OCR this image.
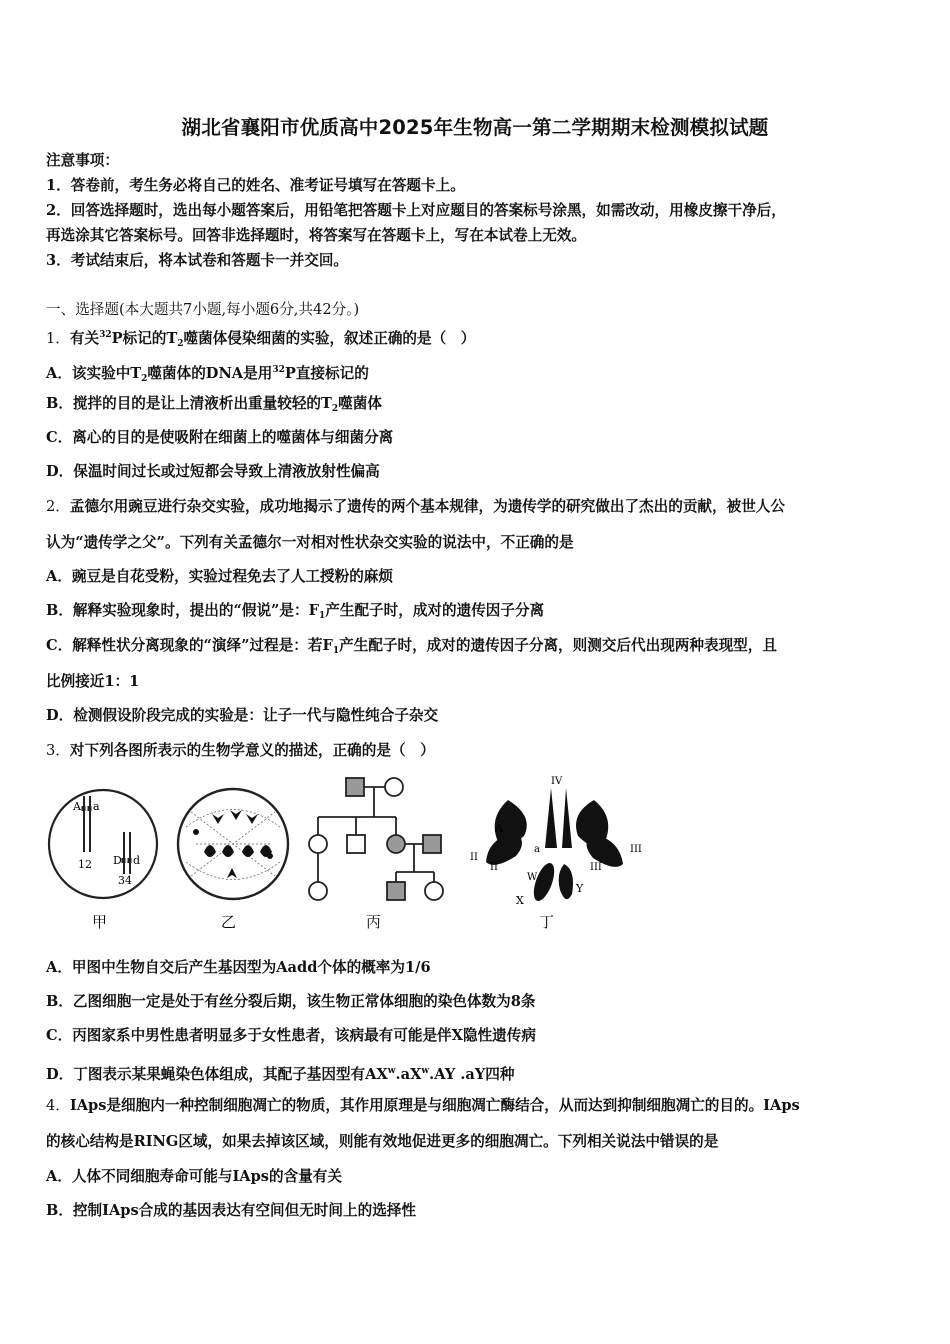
湖北省襄阳市优质高中2025年生物高一第二学期期末检测模拟试题
注意事项：
1．答卷前，考生务必将自己的姓名、准考证号填写在答题卡上。
2．回答选择题时，选出每小题答案后，用铅笔把答题卡上对应题目的答案标号涂黑，如需改动，用橡皮擦干净后，
再选涂其它答案标号。回答非选择题时，将答案写在答题卡上，写在本试卷上无效。
3．考试结束后，将本试卷和答题卡一并交回。
一、选择题(本大题共7小题,每小题6分,共42分。)
1．有关$^{32}$P标记的$T_2$噬菌体侵染细菌的实验，叙述正确的是（　）
A．该实验中$T_2$噬菌体的DNA是用$^{32}$P直接标记的
B．搅拌的目的是让上清液析出重量较轻的$T_2$噬菌体
C．离心的目的是使吸附在细菌上的噬菌体与细菌分离
D．保温时间过长或过短都会导致上清液放射性偏高
2．孟德尔用豌豆进行杂交实验，成功地揭示了遗传的两个基本规律，为遗传学的研究做出了杰出的贡献，被世人公
认为“遗传学之父”。下列有关孟德尔一对相对性状杂交实验的说法中，不正确的是
A．豌豆是自花受粉，实验过程免去了人工授粉的麻烦
B．解释实验现象时，提出的“假说”是：$F_1$产生配子时，成对的遗传因子分离
C．解释性状分离现象的“演绎”过程是：若$F_1$产生配子时，成对的遗传因子分离，则测交后代出现两种表现型，且
比例接近1：1
D．检测假设阶段完成的实验是：让子一代与隐性纯合子杂交
3．对下列各图所表示的生物学意义的描述，正确的是（　）
A a
12 D d
34
甲	乙	丙
IV
A
a
II
II	III
III
W
X
Y
丁
A．甲图中生物自交后产生基因型为Aadd个体的概率为1/6
B．乙图细胞一定是处于有丝分裂后期，该生物正常体细胞的染色体数为8条
C．丙图家系中男性患者明显多于女性患者，该病最有可能是伴X隐性遗传病
D．丁图表示某果蝇染色体组成，其配子基因型有$AX^w.aX^w.AY$ .aY四种
4．IAps是细胞内一种控制细胞凋亡的物质，其作用原理是与细胞凋亡酶结合，从而达到抑制细胞凋亡的目的。IAps
的核心结构是RING区域，如果去掉该区域，则能有效地促进更多的细胞凋亡。下列相关说法中错误的是
A．人体不同细胞寿命可能与IAps的含量有关
B．控制IAps合成的基因表达有空间但无时间上的选择性
